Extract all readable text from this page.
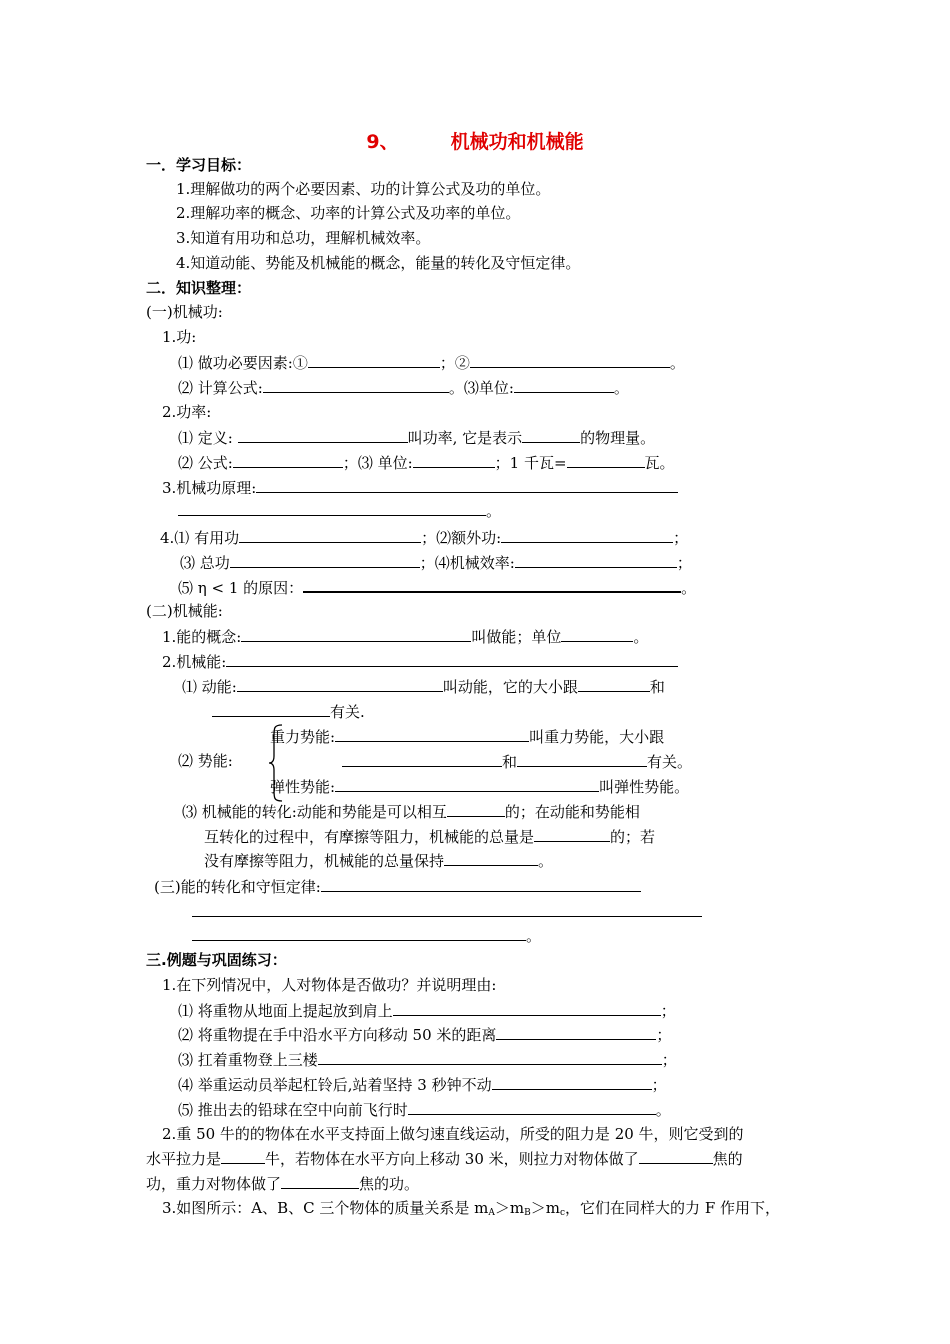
9、	机械功和机械能
一．学习目标：
1.理解做功的两个必要因素、功的计算公式及功的单位。
2.理解功率的概念、功率的计算公式及功率的单位。
3.知道有用功和总功，理解机械效率。
4.知道动能、势能及机械能的概念，能量的转化及守恒定律。
二．知识整理：
(一)机械功:
1.功:
⑴ 做功必要因素:①	；②	。
⑵ 计算公式:	。⑶单位:	。
2.功率:
⑴ 定义:	叫功率, 它是表示	的物理量。
⑵ 公式:	；⑶ 单位:	；1 千瓦=	瓦。
3.机械功原理:
。
4.⑴ 有用功	；⑵额外功:	；
⑶ 总功	；⑷机械效率:	；
⑸ η < 1 的原因：	。
(二)机械能:
1.能的概念:	叫做能；单位	。
2.机械能:
⑴ 动能:	叫动能，它的大小跟	和
有关.
⑵ 势能:
重力势能:	叫重力势能，大小跟
和	有关。
弹性势能:	叫弹性势能。
⑶ 机械能的转化:动能和势能是可以相互	的；在动能和势能相
互转化的过程中，有摩擦等阻力，机械能的总量是	的；若
没有摩擦等阻力，机械能的总量保持	。
(三)能的转化和守恒定律:
。
三.例题与巩固练习：
1.在下列情况中，人对物体是否做功？并说明理由:
⑴ 将重物从地面上提起放到肩上	；
⑵ 将重物提在手中沿水平方向移动 50 米的距离	；
⑶ 扛着重物登上三楼	；
⑷ 举重运动员举起杠铃后,站着坚持 3 秒钟不动	；
⑸ 推出去的铅球在空中向前飞行时	。
2.重 50 牛的的物体在水平支持面上做匀速直线运动，所受的阻力是 20 牛，则它受到的
水平拉力是	牛，若物体在水平方向上移动 30 米，则拉力对物体做了	焦的
功，重力对物体做了	焦的功。
3.如图所示：A、B、C 三个物体的质量关系是 $m_A>m_B>m_c$，它们在同样大的力 F 作用下，
